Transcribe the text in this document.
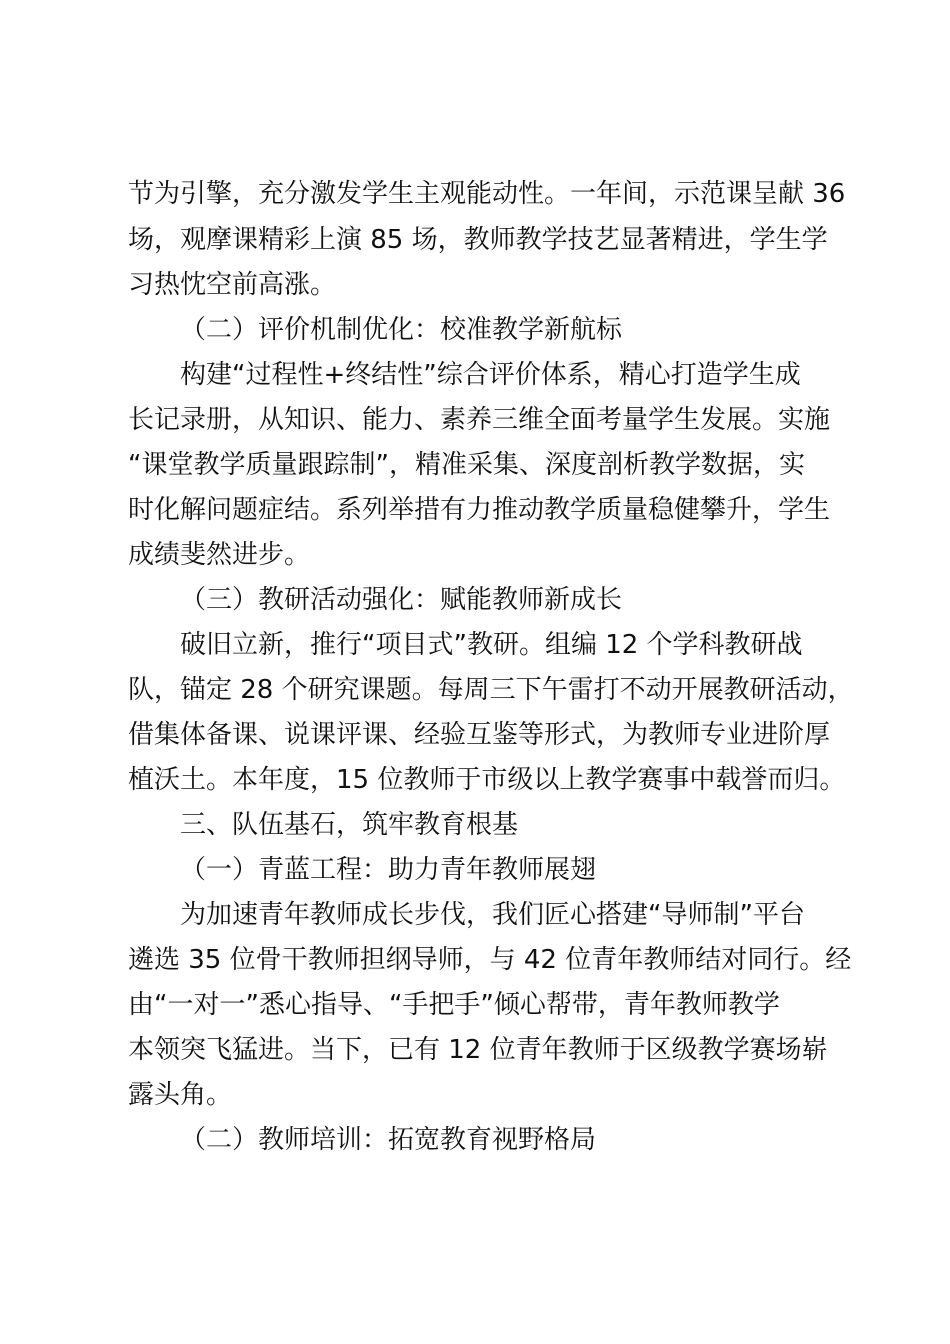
节为引擎，充分激发学生主观能动性。一年间，示范课呈献 36
场，观摩课精彩上演 85 场，教师教学技艺显著精进，学生学
习热忱空前高涨。
（二）评价机制优化：校准教学新航标
构建“过程性+终结性”综合评价体系，精心打造学生成
长记录册，从知识、能力、素养三维全面考量学生发展。实施
“课堂教学质量跟踪制”，精准采集、深度剖析教学数据，实
时化解问题症结。系列举措有力推动教学质量稳健攀升，学生
成绩斐然进步。
（三）教研活动强化：赋能教师新成长
破旧立新，推行“项目式”教研。组编 12 个学科教研战
队，锚定 28 个研究课题。每周三下午雷打不动开展教研活动，
借集体备课、说课评课、经验互鉴等形式，为教师专业进阶厚
植沃土。本年度，15 位教师于市级以上教学赛事中载誉而归。
三、队伍基石，筑牢教育根基
（一）青蓝工程：助力青年教师展翅
为加速青年教师成长步伐，我们匠心搭建“导师制”平台
遴选 35 位骨干教师担纲导师，与 42 位青年教师结对同行。经
由“一对一”悉心指导、“手把手”倾心帮带，青年教师教学
本领突飞猛进。当下，已有 12 位青年教师于区级教学赛场崭
露头角。
（二）教师培训：拓宽教育视野格局
